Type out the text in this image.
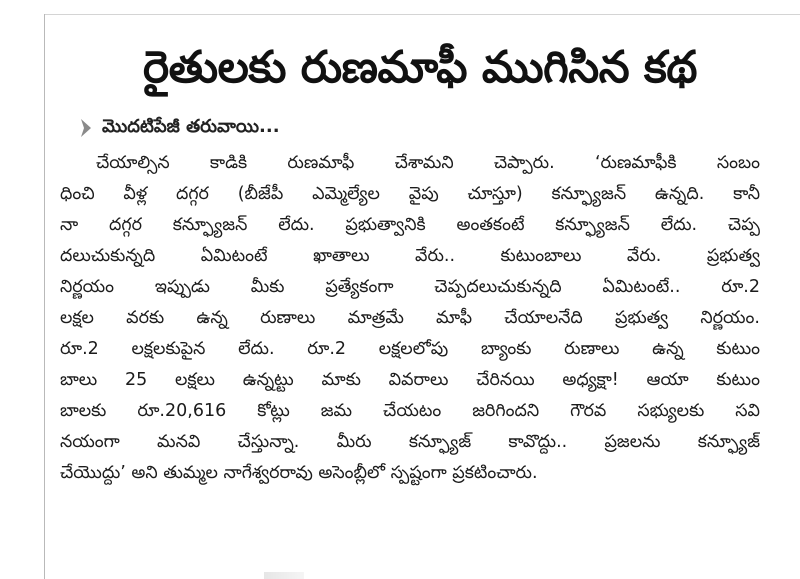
రైతులకు రుణమాఫీ ముగిసిన కథ
మొదటిపేజీ తరువాయి...
చేయాల్సిన కాడికి రుణమాఫీ చేశామని చెప్పారు. ‘రుణమాఫీకి సంబం
ధించి వీళ్ల దగ్గర (బీజేపీ ఎమ్మెల్యేల వైపు చూస్తూ) కన్ఫ్యూజన్ ఉన్నది. కానీ
నా దగ్గర కన్ఫ్యూజన్ లేదు. ప్రభుత్వానికి అంతకంటే కన్ఫ్యూజన్ లేదు. చెప్ప
దలుచుకున్నది ఏమిటంటే ఖాతాలు వేరు.. కుటుంబాలు వేరు. ప్రభుత్వ
నిర్ణయం ఇప్పుడు మీకు ప్రత్యేకంగా చెప్పదలుచుకున్నది ఏమిటంటే.. రూ.2
లక్షల వరకు ఉన్న రుణాలు మాత్రమే మాఫీ చేయాలనేది ప్రభుత్వ నిర్ణయం.
రూ.2 లక్షలకుపైన లేదు. రూ.2 లక్షలలోపు బ్యాంకు రుణాలు ఉన్న కుటుం
బాలు 25 లక్షలు ఉన్నట్టు మాకు వివరాలు చేరినయి అధ్యక్షా! ఆయా కుటుం
బాలకు రూ.20,616 కోట్లు జమ చేయటం జరిగిందని గౌరవ సభ్యులకు సవి
నయంగా మనవి చేస్తున్నా. మీరు కన్ఫ్యూజ్ కావొద్దు.. ప్రజలను కన్ఫ్యూజ్
చేయొద్దు’ అని తుమ్మల నాగేశ్వరరావు అసెంబ్లీలో స్పష్టంగా ప్రకటించారు.
